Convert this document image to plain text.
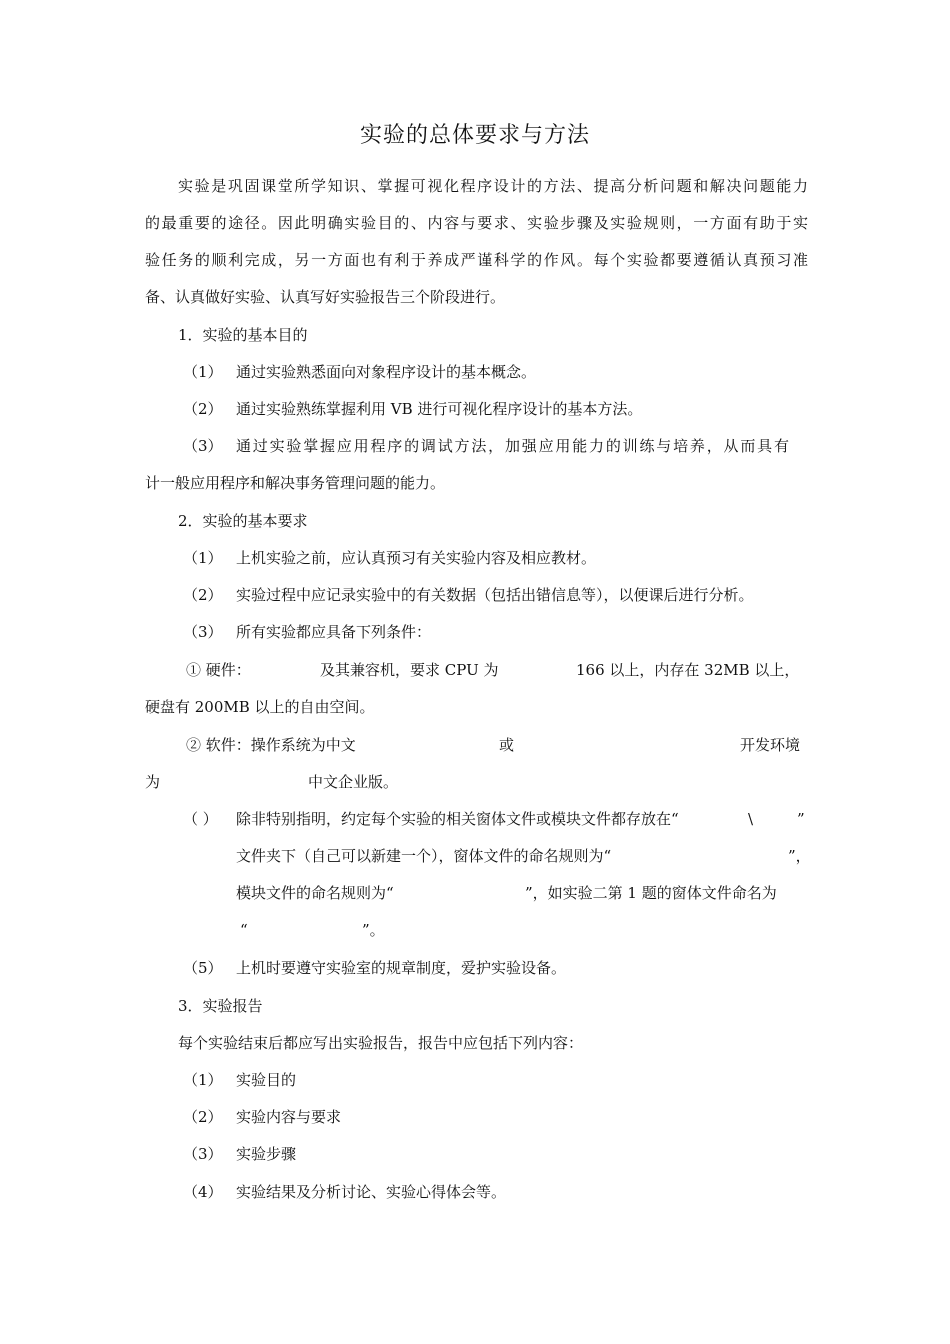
实验的总体要求与方法
实验是巩固课堂所学知识、掌握可视化程序设计的方法、提高分析问题和解决问题能力
的最重要的途径。因此明确实验目的、内容与要求、实验步骤及实验规则，一方面有助于实
验任务的顺利完成，另一方面也有利于养成严谨科学的作风。每个实验都要遵循认真预习准
备、认真做好实验、认真写好实验报告三个阶段进行。
1．实验的基本目的
（1） 通过实验熟悉面向对象程序设计的基本概念。
（2） 通过实验熟练掌握利用 VB 进行可视化程序设计的基本方法。
（3） 通过实验掌握应用程序的调试方法，加强应用能力的训练与培养，从而具有
计一般应用程序和解决事务管理问题的能力。
2．实验的基本要求
（1） 上机实验之前，应认真预习有关实验内容及相应教材。
（2） 实验过程中应记录实验中的有关数据（包括出错信息等），以便课后进行分析。
（3） 所有实验都应具备下列条件：
① 硬件：	及其兼容机，要求 CPU 为	166 以上，内存在 32MB 以上，
硬盘有 200MB 以上的自由空间。
② 软件：操作系统为中文	或	开发环境
为	中文企业版。
（ ） 除非特别指明，约定每个实验的相关窗体文件或模块文件都存放在“	\	”
文件夹下（自己可以新建一个），窗体文件的命名规则为“	”，
模块文件的命名规则为“	”，如实验二第 1 题的窗体文件命名为
“	”。
（5） 上机时要遵守实验室的规章制度，爱护实验设备。
3．实验报告
每个实验结束后都应写出实验报告，报告中应包括下列内容：
（1） 实验目的
（2） 实验内容与要求
（3） 实验步骤
（4） 实验结果及分析讨论、实验心得体会等。
